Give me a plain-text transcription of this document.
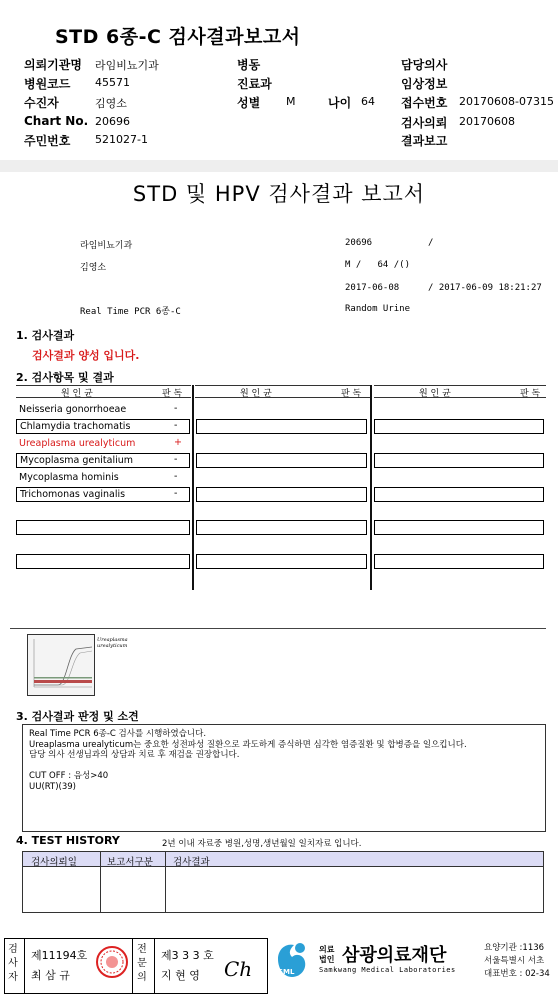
STD 6종-C 검사결과보고서
의뢰기관명 라임비뇨기과	병동	담당의사
병원코드 45571	진료과	임상정보
수진자	김영소	성별 M	나이 64 접수번호 20170608-07315
Chart No. 20696	검사의뢰 20170608
주민번호 521027-1	결과보고
STD 및 HPV 검사결과 보고서
라임비뇨기과	20696	/
김영소	M /   64 /()
2017-06-08	/ 2017-06-09 18:21:27
Real Time PCR 6종-C	Random Urine
1. 검사결과
검사결과 양성 입니다.
2. 검사항목 및 결과
원 인 균	판 독	원 인 균	판 독	원 인 균	판 독
Neisseria gonorrhoeae	-
Chlamydia trachomatis	-
Ureaplasma urealyticum	+
Mycoplasma genitalium	-
Mycoplasma hominis	-
Trichomonas vaginalis	-
Ureaplasma
urealyticum
3. 검사결과 판정 및 소견
Real Time PCR 6종-C 검사를 시행하였습니다.
Ureaplasma urealyticum는 중요한 성전파성 질환으로 과도하게 증식하면 심각한 염증질환 및 합병증을 일으킵니다.
담당 의사 선생님과의 상담과 치료 후 재검을 권장합니다.
CUT OFF : 음성>40
UU(RT)(39)
4. TEST HISTORY	2년 이내 자료중 병원,성명,생년월일 일치자료 입니다.
검사의뢰일	보고서구분 검사결과
검사자
제11194호
최 삼 규
전문의
제3 3 3 호
지 현 영 Ch	SML
의료
법인 삼광의료재단
Samkwang Medical Laboratories
요양기관 :1136
서울특별시 서초
대표번호 : 02-34
